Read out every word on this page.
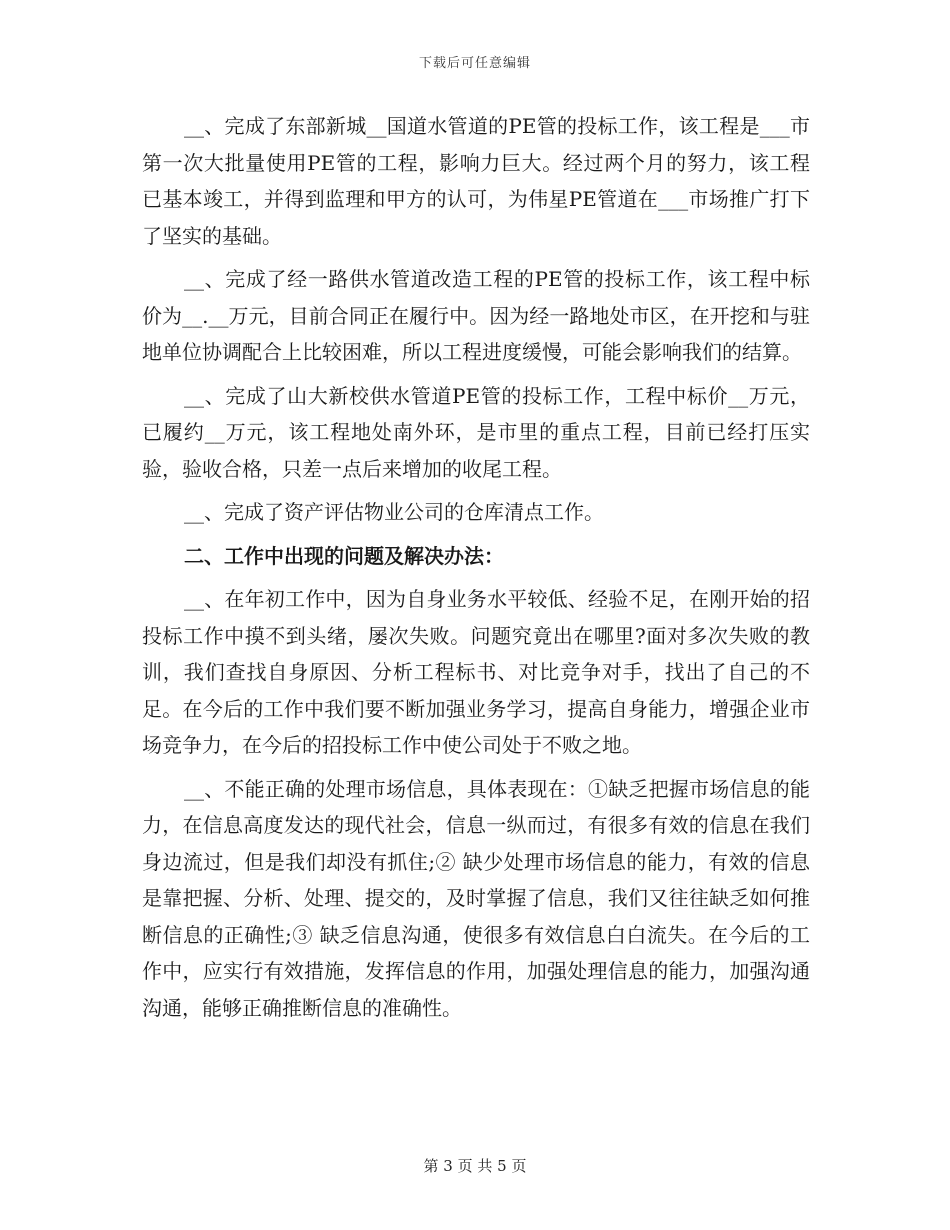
下载后可任意编辑

__、完成了东部新城__国道水管道的PE管的投标工作，该工程是___市第一次大批量使用PE管的工程，影响力巨大。经过两个月的努力，该工程已基本竣工，并得到监理和甲方的认可，为伟星PE管道在___市场推广打下了坚实的基础。

__、完成了经一路供水管道改造工程的PE管的投标工作，该工程中标价为__.__万元，目前合同正在履行中。因为经一路地处市区，在开挖和与驻地单位协调配合上比较困难，所以工程进度缓慢，可能会影响我们的结算。

__、完成了山大新校供水管道PE管的投标工作，工程中标价__万元，已履约__万元，该工程地处南外环，是市里的重点工程，目前已经打压实验，验收合格，只差一点后来增加的收尾工程。

__、完成了资产评估物业公司的仓库清点工作。

二、工作中出现的问题及解决办法：

__、在年初工作中，因为自身业务水平较低、经验不足，在刚开始的招投标工作中摸不到头绪，屡次失败。问题究竟出在哪里?面对多次失败的教训，我们查找自身原因、分析工程标书、对比竞争对手，找出了自己的不足。在今后的工作中我们要不断加强业务学习，提高自身能力，增强企业市场竞争力，在今后的招投标工作中使公司处于不败之地。

__、不能正确的处理市场信息，具体表现在：①缺乏把握市场信息的能力，在信息高度发达的现代社会，信息一纵而过，有很多有效的信息在我们身边流过，但是我们却没有抓住;② 缺少处理市场信息的能力，有效的信息是靠把握、分析、处理、提交的，及时掌握了信息，我们又往往缺乏如何推断信息的正确性;③ 缺乏信息沟通，使很多有效信息白白流失。在今后的工作中，应实行有效措施，发挥信息的作用，加强处理信息的能力，加强沟通沟通，能够正确推断信息的准确性。

第 3 页 共 5 页
